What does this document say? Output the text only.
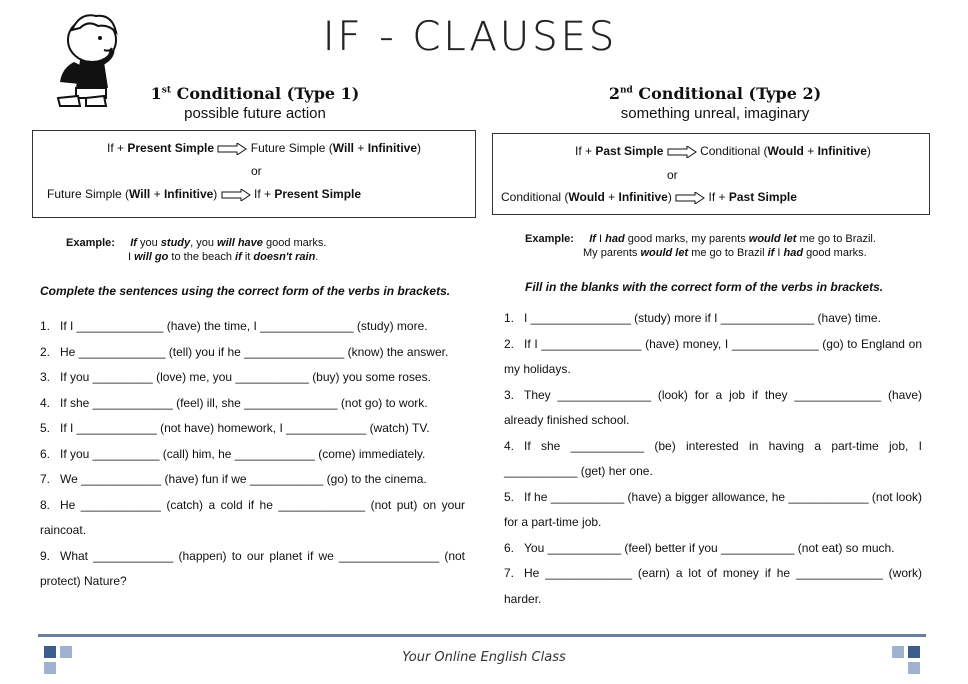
IF - CLAUSES
1st Conditional (Type 1)
possible future action
If + Present Simple	Future Simple (Will + Infinitive)
or
Future Simple (Will + Infinitive)	If + Present Simple
Example: If you study, you will have good marks.
I will go to the beach if it doesn't rain.
Complete the sentences using the correct form of the verbs in brackets.
1. If I _____________ (have) the time, I ______________ (study) more.
2. He _____________ (tell) you if he _______________ (know) the answer.
3. If you _________ (love) me, you ___________ (buy) you some roses.
4. If she ____________ (feel) ill, she ______________ (not go) to work.
5. If I ____________ (not have) homework, I ____________ (watch) TV.
6. If you __________ (call) him, he ____________ (come) immediately.
7. We ____________ (have) fun if we ___________ (go) to the cinema.
8. He ____________ (catch) a cold if he _____________ (not put) on your raincoat.
9. What ____________ (happen) to our planet if we _______________ (not protect) Nature?
2nd Conditional (Type 2)
something unreal, imaginary
If + Past Simple	Conditional (Would + Infinitive)
or
Conditional (Would + Infinitive)	If + Past Simple
Example: If I had good marks, my parents would let me go to Brazil.
My parents would let me go to Brazil if I had good marks.
Fill in the blanks with the correct form of the verbs in brackets.
1. I _______________ (study) more if I ______________ (have) time.
2. If I _______________ (have) money, I _____________ (go) to England on my holidays.
3. They ______________ (look) for a job if they _____________ (have) already finished school.
4. If she ___________ (be) interested in having a part-time job, I ___________ (get) her one.
5. If he ___________ (have) a bigger allowance, he ____________ (not look) for a part-time job.
6. You ___________ (feel) better if you ___________ (not eat) so much.
7. He _____________ (earn) a lot of money if he _____________ (work) harder.
Your Online English Class
